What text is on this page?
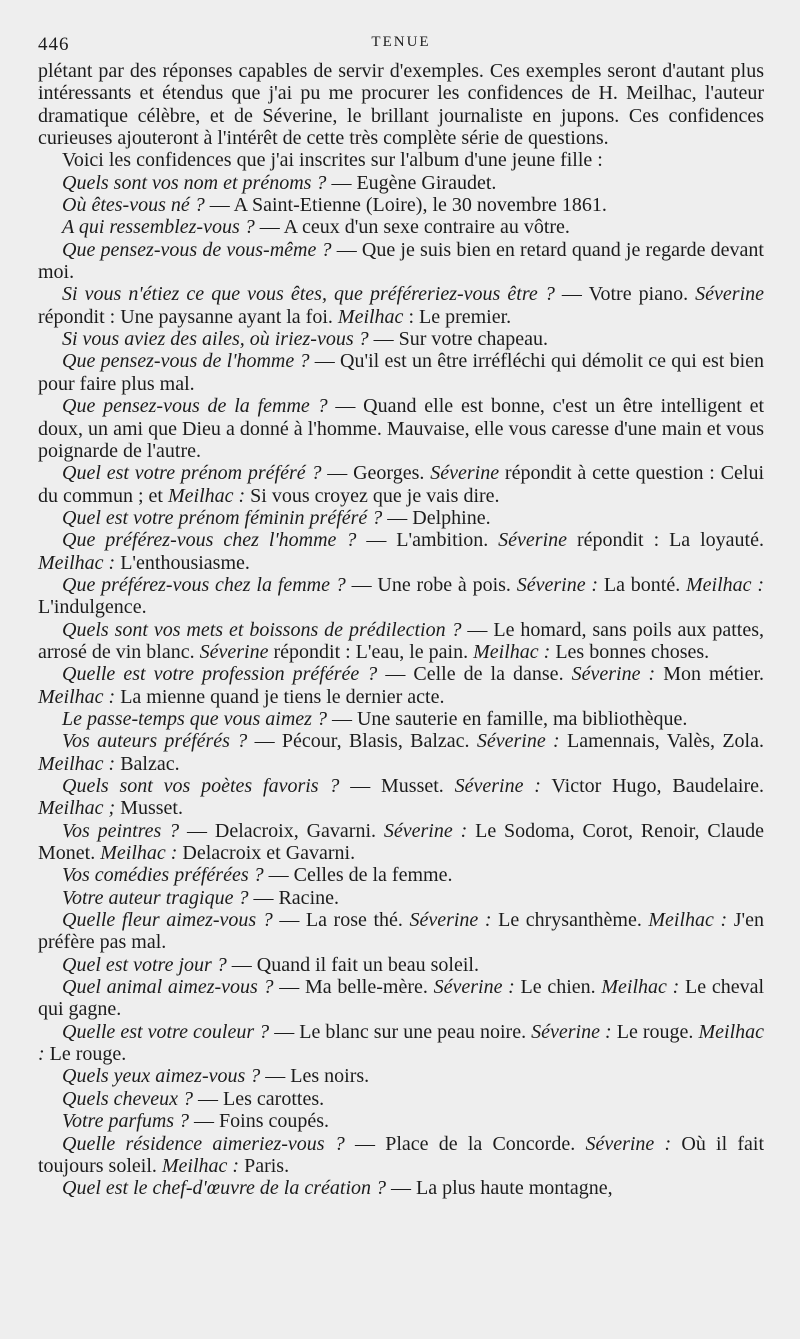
446	TENUE

plétant par des réponses capables de servir d'exemples. Ces exemples seront d'autant plus intéressants et étendus que j'ai pu me procurer les confidences de H. Meilhac, l'auteur dramatique célèbre, et de Séverine, le brillant journaliste en jupons. Ces confidences curieuses ajouteront à l'intérêt de cette très complète série de questions.

Voici les confidences que j'ai inscrites sur l'album d'une jeune fille :

Quels sont vos nom et prénoms ? — Eugène Giraudet.

Où êtes-vous né ? — A Saint-Etienne (Loire), le 30 novembre 1861.

A qui ressemblez-vous ? — A ceux d'un sexe contraire au vôtre.

Que pensez-vous de vous-même ? — Que je suis bien en retard quand je regarde devant moi.

Si vous n'étiez ce que vous êtes, que préféreriez-vous être ? — Votre piano. Séverine répondit : Une paysanne ayant la foi. Meilhac : Le premier.

Si vous aviez des ailes, où iriez-vous ? — Sur votre chapeau.

Que pensez-vous de l'homme ? — Qu'il est un être irréfléchi qui démolit ce qui est bien pour faire plus mal.

Que pensez-vous de la femme ? — Quand elle est bonne, c'est un être intelligent et doux, un ami que Dieu a donné à l'homme. Mauvaise, elle vous caresse d'une main et vous poignarde de l'autre.

Quel est votre prénom préféré ? — Georges. Séverine répondit à cette question : Celui du commun ; et Meilhac : Si vous croyez que je vais dire.

Quel est votre prénom féminin préféré ? — Delphine.

Que préférez-vous chez l'homme ? — L'ambition. Séverine répondit : La loyauté. Meilhac : L'enthousiasme.

Que préférez-vous chez la femme ? — Une robe à pois. Séverine : La bonté. Meilhac : L'indulgence.

Quels sont vos mets et boissons de prédilection ? — Le homard, sans poils aux pattes, arrosé de vin blanc. Séverine répondit : L'eau, le pain. Meilhac : Les bonnes choses.

Quelle est votre profession préférée ? — Celle de la danse. Séverine : Mon métier. Meilhac : La mienne quand je tiens le dernier acte.

Le passe-temps que vous aimez ? — Une sauterie en famille, ma bibliothèque.

Vos auteurs préférés ? — Pécour, Blasis, Balzac. Séverine : Lamennais, Valès, Zola. Meilhac : Balzac.

Quels sont vos poètes favoris ? — Musset. Séverine : Victor Hugo, Baudelaire. Meilhac ; Musset.

Vos peintres ? — Delacroix, Gavarni. Séverine : Le Sodoma, Corot, Renoir, Claude Monet. Meilhac : Delacroix et Gavarni.

Vos comédies préférées ? — Celles de la femme.

Votre auteur tragique ? — Racine.

Quelle fleur aimez-vous ? — La rose thé. Séverine : Le chrysanthème. Meilhac : J'en préfère pas mal.

Quel est votre jour ? — Quand il fait un beau soleil.

Quel animal aimez-vous ? — Ma belle-mère. Séverine : Le chien. Meilhac : Le cheval qui gagne.

Quelle est votre couleur ? — Le blanc sur une peau noire. Séverine : Le rouge. Meilhac : Le rouge.

Quels yeux aimez-vous ? — Les noirs.

Quels cheveux ? — Les carottes.

Votre parfums ? — Foins coupés.

Quelle résidence aimeriez-vous ? — Place de la Concorde. Séverine : Où il fait toujours soleil. Meilhac : Paris.

Quel est le chef-d'œuvre de la création ? — La plus haute montagne,
